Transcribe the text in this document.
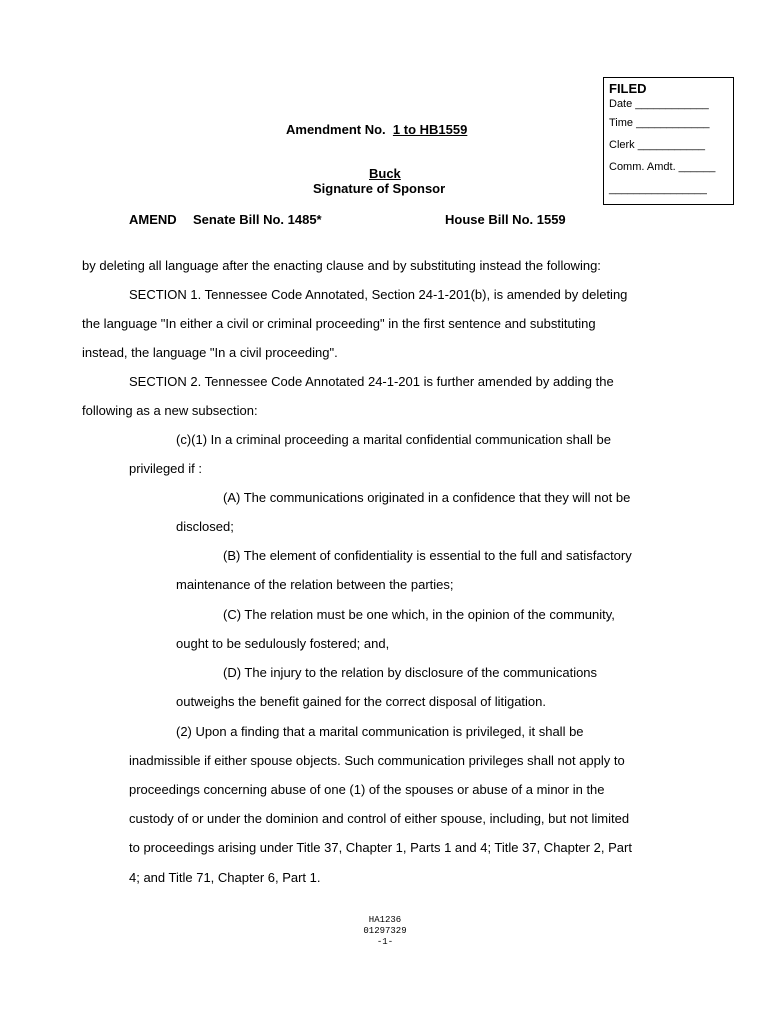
FILED
Date ____________
Time ____________
Clerk ___________
Comm. Amdt. ______
________________
Amendment No. 1 to HB1559
Buck
Signature of Sponsor
AMEND Senate Bill No. 1485*	House Bill No. 1559
by deleting all language after the enacting clause and by substituting instead the following:
SECTION 1. Tennessee Code Annotated, Section 24-1-201(b), is amended by deleting
the language "In either a civil or criminal proceeding" in the first sentence and substituting
instead, the language "In a civil proceeding".
SECTION 2. Tennessee Code Annotated 24-1-201 is further amended by adding the
following as a new subsection:
(c)(1) In a criminal proceeding a marital confidential communication shall be
privileged if :
(A) The communications originated in a confidence that they will not be
disclosed;
(B) The element of confidentiality is essential to the full and satisfactory
maintenance of the relation between the parties;
(C) The relation must be one which, in the opinion of the community,
ought to be sedulously fostered; and,
(D) The injury to the relation by disclosure of the communications
outweighs the benefit gained for the correct disposal of litigation.
(2) Upon a finding that a marital communication is privileged, it shall be
inadmissible if either spouse objects. Such communication privileges shall not apply to
proceedings concerning abuse of one (1) of the spouses or abuse of a minor in the
custody of or under the dominion and control of either spouse, including, but not limited
to proceedings arising under Title 37, Chapter 1, Parts 1 and 4; Title 37, Chapter 2, Part
4; and Title 71, Chapter 6, Part 1.
HA1236
01297329
-1-
